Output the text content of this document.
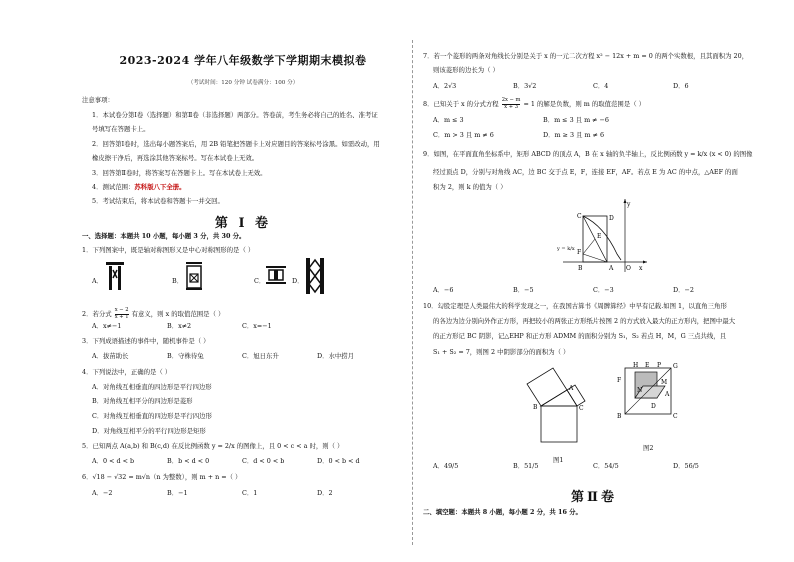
2023-2024 学年八年级数学下学期期末模拟卷
（考试时间：120 分钟 试卷满分：100 分）
注意事项：
1．本试卷分第Ⅰ卷（选择题）和第Ⅱ卷（非选择题）两部分。答卷前，考生务必将自己的姓名、准考证
号填写在答题卡上。
2．回答第Ⅰ卷时，选出每小题答案后，用 2B 铅笔把答题卡上对应题目的答案标号涂黑。如需改动，用
橡皮擦干净后，再选涂其他答案标号。写在本试卷上无效。
3．回答第Ⅱ卷时，将答案写在答题卡上。写在本试卷上无效。
4．测试范围：苏科版八下全册。
5．考试结束后，将本试卷和答题卡一并交回。
第 I 卷
一、选择题：本题共 10 小题，每小题 3 分，共 30 分。
1．下列图案中，既是轴对称图形又是中心对称图形的是（ ）
A．	B．	C．	D．
2．若分式 $\frac{x - 2}{x + 1}$ 有意义，则 x 的取值范围是（ ）
A．x≠−1	B．x≠2	C．x=−1
3．下列成语描述的事件中，随机事件是（ ）
A．拔苗助长	B．守株待兔	C．旭日东升	D．水中捞月
4．下列说法中，正确的是（ ）
A．对角线互相垂直的四边形是平行四边形
B．对角线互相平分的四边形是菱形
C．对角线互相垂直的四边形是平行四边形
D．对角线互相平分的平行四边形是矩形
5．已知两点 A(a,b) 和 B(c,d) 在反比例函数 y = 2/x 的图像上，且 0 < c < a 时，则（ ）
A．0 < d < b	B．b < d < 0	C．d < 0 < b	D．0 < b < d
6．√18 − √32 = m√n（n 为整数），则 m + n =（ ）
A．−2	B．−1	C．1	D．2
7．若一个菱形的两条对角线长分别是关于 x 的一元二次方程 x² − 12x + m = 0 的两个实数根，且其面积为 20，
则该菱形的边长为（ ）
A．2√3	B．3√2	C．4	D．6
8．已知关于 x 的分式方程 $\frac{2x - m}{x + 3} = 1$ 的解是负数，则 m 的取值范围是（ ）
A．m ≤ 3	B．m ≤ 3 且 m ≠ −6
C．m > 3 且 m ≠ 6	D．m ≥ 3 且 m ≠ 6
9．如图，在平面直角坐标系中，矩形 ABCD 的顶点 A，B 在 x 轴的负半轴上，反比例函数 y = k/x (x < 0) 的图像
经过顶点 D，分别与对角线 AC，边 BC 交于点 E，F，连接 EF，AF。若点 E 为 AC 的中点，△AEF 的面
积为 2，则 k 的值为（ ）
x
y
O
A
B
C	D
E
F
y = k/x
A．−6	B．−5	C．−3	D．−2
10．勾股定理是人类最伟大的科学发现之一，在我国古算书《周髀算经》中早有记载.如图 1，以直角三角形
的各边为边分别向外作正方形，再把较小的两张正方形纸片按图 2 的方式放入最大的正方形内，把图中最大
的正方形记 BC 阴影，记△EHP 和正方形 ADMM 的面积分别为 S₁，S₂ 若点 H，M，G 三点共线，且
S₁ + S₂ = 7，则图 2 中阴影部分的面积为（ ）
A
B	C
图1
H E P G
F	M
N
A
B
D
C
图2
A．49/5	B．51/5	C．54/5	D．56/5
第Ⅱ卷
二、填空题：本题共 8 小题，每小题 2 分，共 16 分。
